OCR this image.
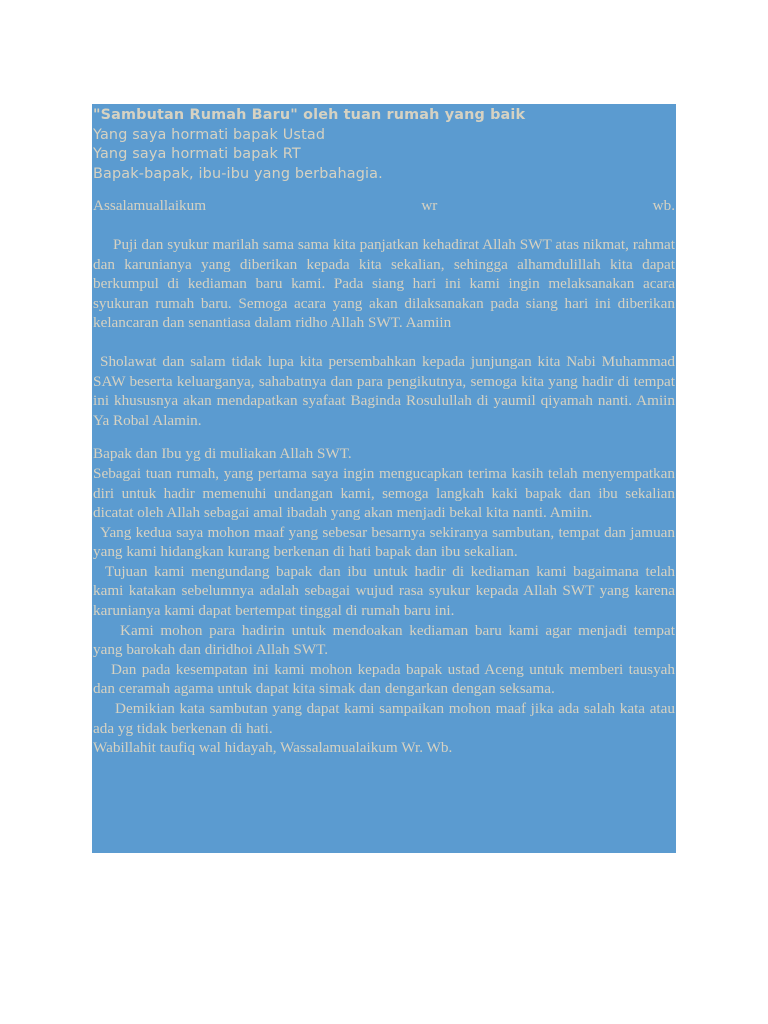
"Sambutan Rumah Baru" oleh tuan rumah yang baik

Yang saya hormati bapak Ustad

Yang saya hormati bapak RT

Bapak-bapak, ibu-ibu yang berbahagia.

Assalamuallaikum	wr	wb.

Puji dan syukur marilah sama sama kita panjatkan kehadirat Allah SWT atas nikmat, rahmat dan karunianya yang diberikan kepada kita sekalian, sehingga alhamdulillah kita dapat berkumpul di kediaman baru kami. Pada siang hari ini kami ingin melaksanakan acara syukuran rumah baru. Semoga acara yang akan dilaksanakan pada siang hari ini diberikan kelancaran dan senantiasa dalam ridho Allah SWT. Aamiin

Sholawat dan salam tidak lupa kita persembahkan kepada junjungan kita Nabi Muhammad SAW beserta keluarganya, sahabatnya dan para pengikutnya, semoga kita yang hadir di tempat ini khususnya akan mendapatkan syafaat Baginda Rosulullah di yaumil qiyamah nanti. Amiin Ya Robal Alamin.

Bapak dan Ibu yg di muliakan Allah SWT.

Sebagai tuan rumah, yang pertama saya ingin mengucapkan terima kasih telah menyempatkan diri untuk hadir memenuhi undangan kami, semoga langkah kaki bapak dan ibu sekalian dicatat oleh Allah sebagai amal ibadah yang akan menjadi bekal kita nanti. Amiin.

Yang kedua saya mohon maaf yang sebesar besarnya sekiranya sambutan, tempat dan jamuan yang kami hidangkan kurang berkenan di hati bapak dan ibu sekalian.

Tujuan kami mengundang bapak dan ibu untuk hadir di kediaman kami bagaimana telah kami katakan sebelumnya adalah sebagai wujud rasa syukur kepada Allah SWT yang karena karunianya kami dapat bertempat tinggal di rumah baru ini.

Kami mohon para hadirin untuk mendoakan kediaman baru kami agar menjadi tempat yang barokah dan diridhoi Allah SWT.

Dan pada kesempatan ini kami mohon kepada bapak ustad Aceng untuk memberi tausyah dan ceramah agama untuk dapat kita simak dan dengarkan dengan seksama.

Demikian kata sambutan yang dapat kami sampaikan mohon maaf jika ada salah kata atau ada yg tidak berkenan di hati.

Wabillahit taufiq wal hidayah, Wassalamualaikum Wr. Wb.
